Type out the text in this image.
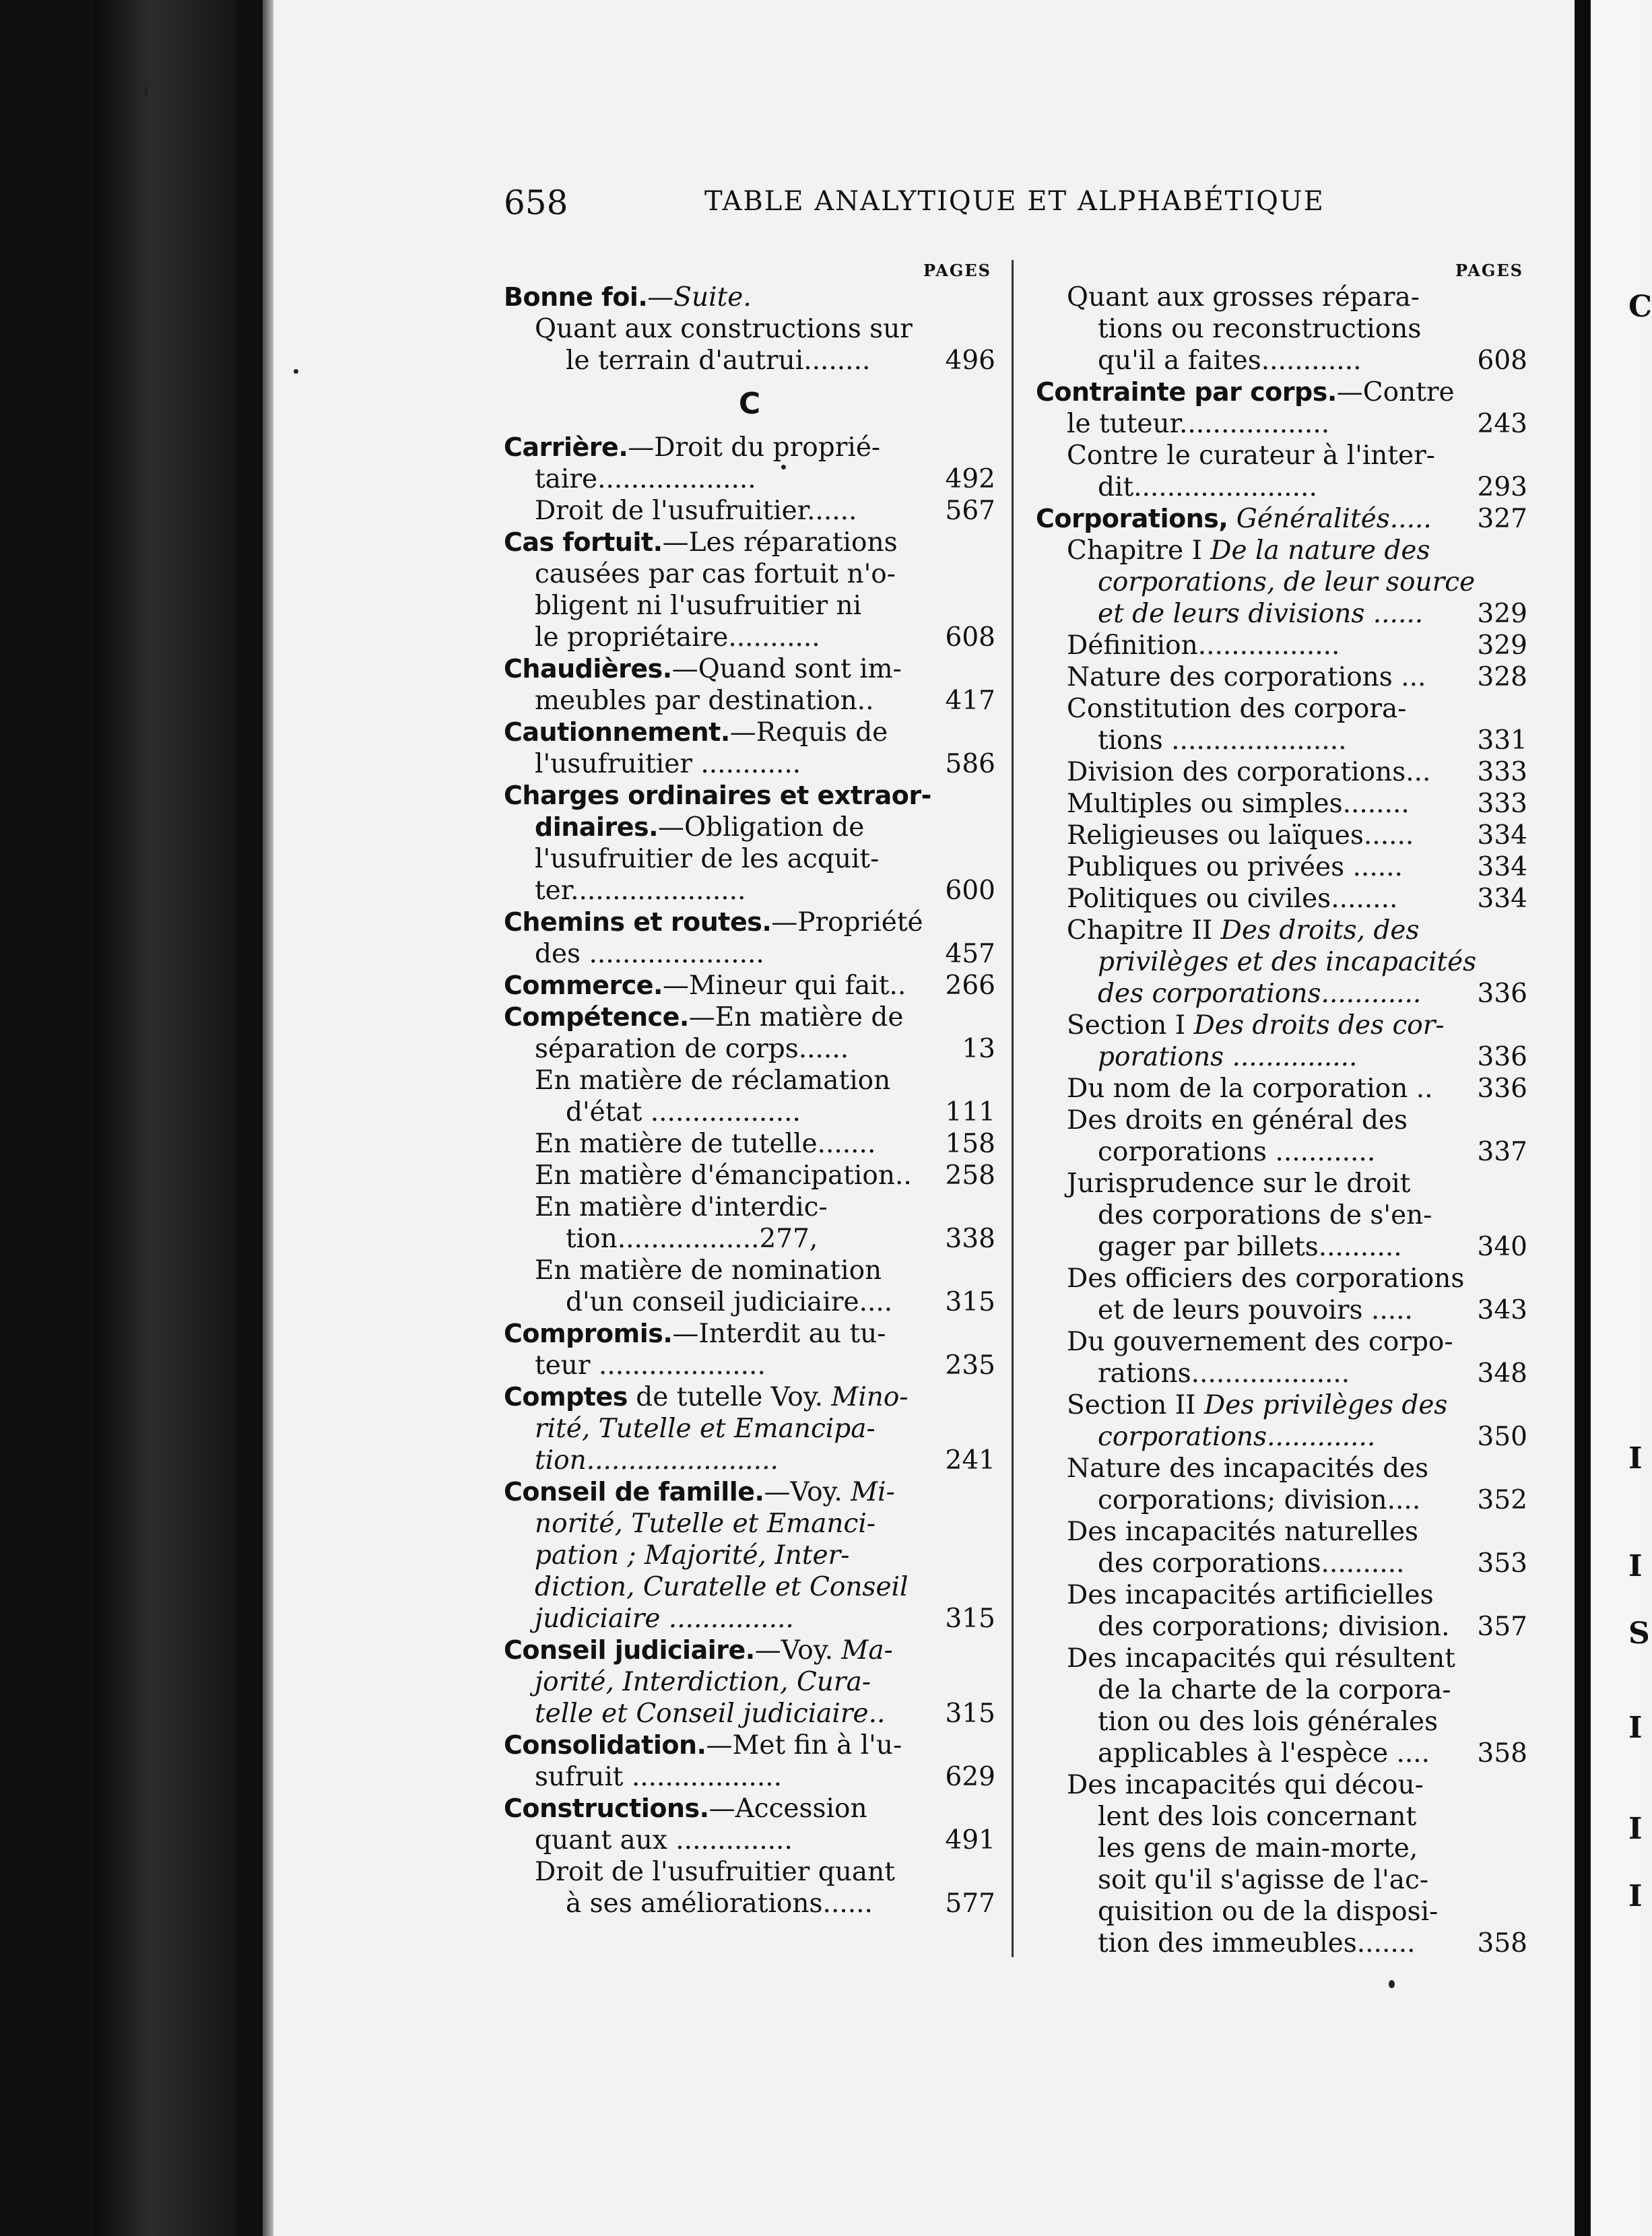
C
I
I
S
I
I
I
658	TABLE ANALYTIQUE ET ALPHABÉTIQUE
PAGES
Bonne foi.—Suite.
Quant aux constructions sur
496
le terrain d'autrui........
C
Carrière.—Droit du proprié-
492
taire...................
567
Droit de l'usufruitier......
Cas fortuit.—Les réparations
causées par cas fortuit n'o-
bligent ni l'usufruitier ni
608
le propriétaire...........
Chaudières.—Quand sont im-
417
meubles par destination..
Cautionnement.—Requis de
586
l'usufruitier ............
Charges ordinaires et extraor-
dinaires.—Obligation de
l'usufruitier de les acquit-
600
ter.....................
Chemins et routes.—Propriété
457
des .....................
266
Commerce.—Mineur qui fait..
Compétence.—En matière de
13
séparation de corps......
En matière de réclamation
111
d'état ..................
158
En matière de tutelle.......
258
En matière d'émancipation..
En matière d'interdic-
338
tion.................277,
En matière de nomination
315
d'un conseil judiciaire....
Compromis.—Interdit au tu-
235
teur ....................
Comptes de tutelle Voy. Mino-
rité, Tutelle et Emancipa-
241
tion.......................
Conseil de famille.—Voy. Mi-
norité, Tutelle et Emanci-
pation ; Majorité, Inter-
diction, Curatelle et Conseil
315
judiciaire ...............
Conseil judiciaire.—Voy. Ma-
jorité, Interdiction, Cura-
315
telle et Conseil judiciaire..
Consolidation.—Met fin à l'u-
629
sufruit ..................
Constructions.—Accession
491
quant aux ..............
Droit de l'usufruitier quant
577
à ses améliorations......
PAGES
Quant aux grosses répara-
tions ou reconstructions
608
qu'il a faites............
Contrainte par corps.—Contre
243
le tuteur..................
Contre le curateur à l'inter-
293
dit......................
327
Corporations, Généralités.....
Chapitre I De la nature des
corporations, de leur source
329
et de leurs divisions ......
329
Définition.................
328
Nature des corporations ...
Constitution des corpora-
331
tions .....................
333
Division des corporations...
333
Multiples ou simples........
334
Religieuses ou laïques......
334
Publiques ou privées ......
334
Politiques ou civiles........
Chapitre II Des droits, des
privilèges et des incapacités
336
des corporations............
Section I Des droits des cor-
336
porations ...............
336
Du nom de la corporation ..
Des droits en général des
337
corporations ............
Jurisprudence sur le droit
des corporations de s'en-
340
gager par billets..........
Des officiers des corporations
343
et de leurs pouvoirs .....
Du gouvernement des corpo-
348
rations...................
Section II Des privilèges des
350
corporations.............
Nature des incapacités des
352
corporations; division....
Des incapacités naturelles
353
des corporations..........
Des incapacités artificielles
357
des corporations; division.
Des incapacités qui résultent
de la charte de la corpora-
tion ou des lois générales
358
applicables à l'espèce ....
Des incapacités qui décou-
lent des lois concernant
les gens de main-morte,
soit qu'il s'agisse de l'ac-
quisition ou de la disposi-
358
tion des immeubles.......
